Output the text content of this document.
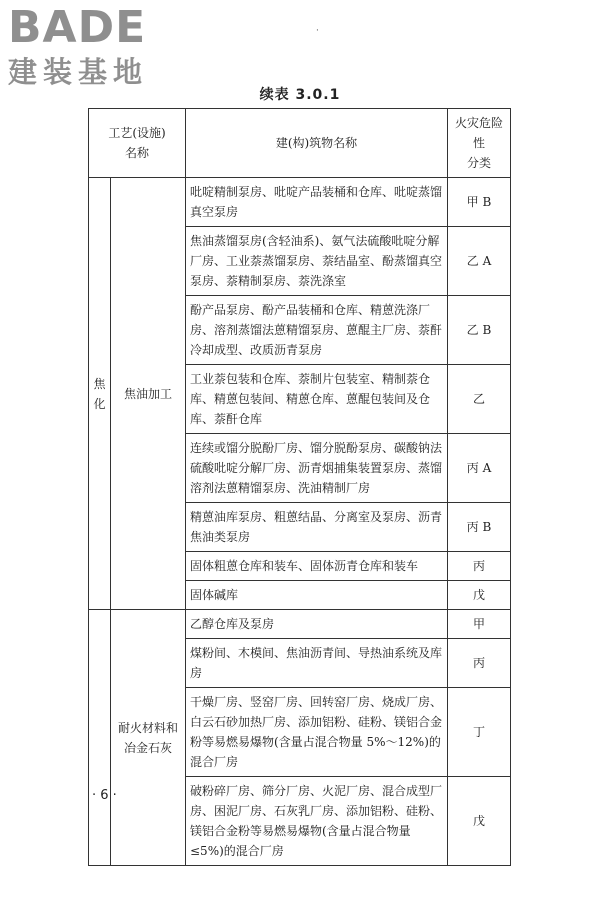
BADE
建装基地
·
续表 3.0.1
工艺(设施)
名称		建(构)筑物名称	火灾危险性
分类
焦
化	焦油加工	吡啶精制泵房、吡啶产品装桶和仓库、吡啶蒸馏真空泵房	甲 B
		焦油蒸馏泵房(含轻油系)、氨气法硫酸吡啶分解厂房、工业萘蒸馏泵房、萘结晶室、酚蒸馏真空泵房、萘精制泵房、萘洗涤室	乙 A
		酚产品泵房、酚产品装桶和仓库、精蒽洗涤厂房、溶剂蒸馏法蒽精馏泵房、蒽醌主厂房、萘酐冷却成型、改质沥青泵房	乙 B
		工业萘包装和仓库、萘制片包装室、精制萘仓库、精蒽包装间、精蒽仓库、蒽醌包装间及仓库、萘酐仓库	乙
		连续或馏分脱酚厂房、馏分脱酚泵房、碳酸钠法硫酸吡啶分解厂房、沥青烟捕集装置泵房、蒸馏溶剂法蒽精馏泵房、洗油精制厂房	丙 A
		精蒽油库泵房、粗蒽结晶、分离室及泵房、沥青焦油类泵房	丙 B
		固体粗蒽仓库和装车、固体沥青仓库和装车	丙
		固体碱库	戊
	耐火材料和冶金石灰	乙醇仓库及泵房	甲
		煤粉间、木模间、焦油沥青间、导热油系统及库房	丙
		干燥厂房、竖窑厂房、回转窑厂房、烧成厂房、白云石砂加热厂房、添加铝粉、硅粉、镁铝合金粉等易燃易爆物(含量占混合物量 5%～12%)的混合厂房	丁
		破粉碎厂房、筛分厂房、火泥厂房、混合成型厂房、困泥厂房、石灰乳厂房、添加铝粉、硅粉、镁铝合金粉等易燃易爆物(含量占混合物量≤5%)的混合厂房	戊
· 6 ·
